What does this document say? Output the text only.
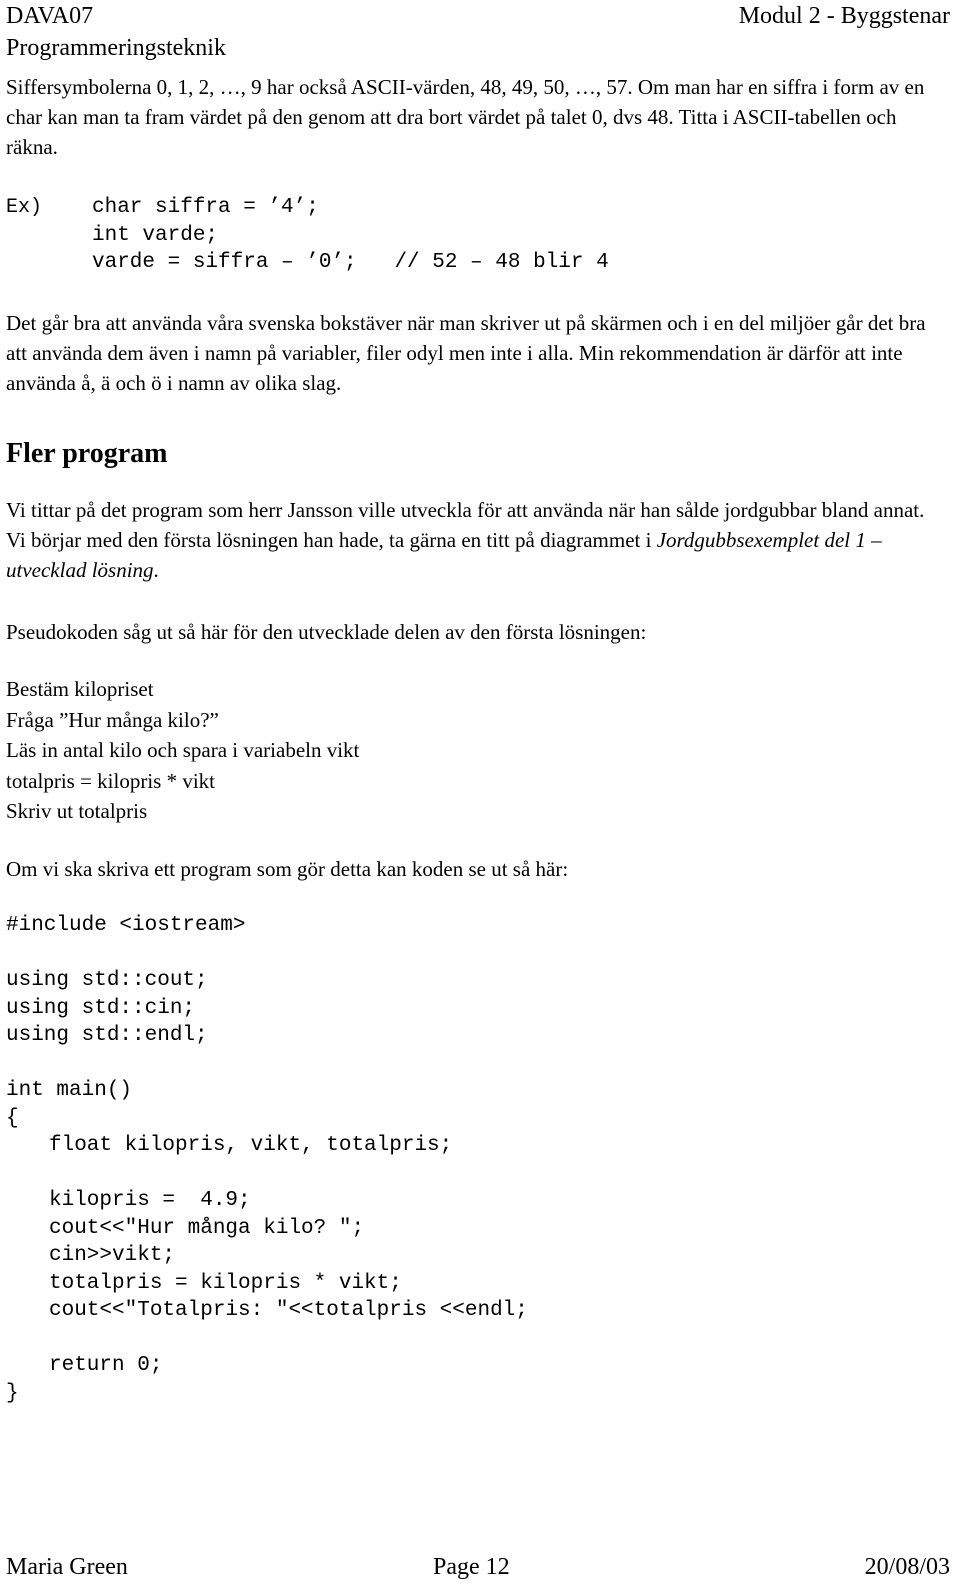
DAVA07
Programmeringsteknik
Modul 2 - Byggstenar

Siffersymbolerna 0, 1, 2, …, 9 har också ASCII-värden, 48, 49, 50, …, 57. Om man har en siffra i form av en char kan man ta fram värdet på den genom att dra bort värdet på talet 0, dvs 48. Titta i ASCII-tabellen och räkna.

Ex) char siffra = ’4’;
int varde;
varde = siffra – ’0’;   // 52 – 48 blir 4

Det går bra att använda våra svenska bokstäver när man skriver ut på skärmen och i en del miljöer går det bra att använda dem även i namn på variabler, filer odyl men inte i alla. Min rekommendation är därför att inte använda å, ä och ö i namn av olika slag.

Fler program

Vi tittar på det program som herr Jansson ville utveckla för att använda när han sålde jordgubbar bland annat. Vi börjar med den första lösningen han hade, ta gärna en titt på diagrammet i Jordgubbsexemplet del 1 – utvecklad lösning.

Pseudokoden såg ut så här för den utvecklade delen av den första lösningen:

Bestäm kilopriset
Fråga ”Hur många kilo?”
Läs in antal kilo och spara i variabeln vikt
totalpris = kilopris * vikt
Skriv ut totalpris

Om vi ska skriva ett program som gör detta kan koden se ut så här:

#include <iostream>
using std::cout;
using std::cin;
using std::endl;
int main()
{
float kilopris, vikt, totalpris;
kilopris =  4.9;
cout<<"Hur många kilo? ";
cin>>vikt;
totalpris = kilopris * vikt;
cout<<"Totalpris: "<<totalpris <<endl;
return 0;
}
Maria Green	Page 12	20/08/03
